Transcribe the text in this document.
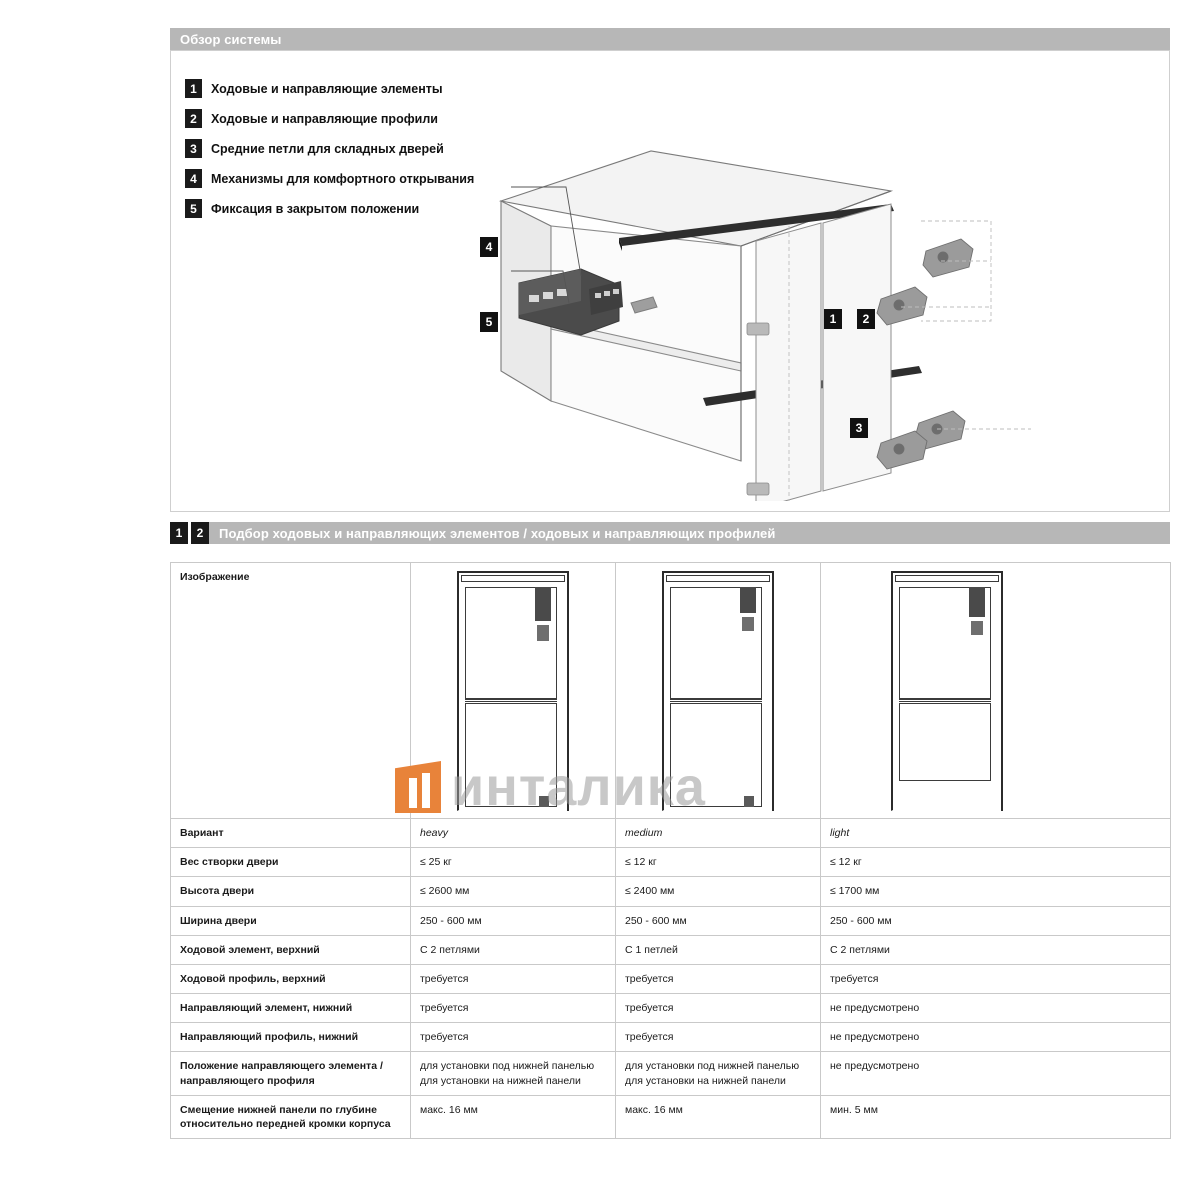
Обзор системы
1	Ходовые и направляющие элементы
2	Ходовые и направляющие профили
3	Средние петли для складных дверей
4	Механизмы для комфортного открывания
5	Фиксация в закрытом положении
4
5	1	2
3
1	2	Подбор ходовых и направляющих элементов / ходовых и направляющих профилей
Изображение	

Вариант	heavy	medium	light
Вес створки двери	≤ 25 кг	≤ 12 кг	≤ 12 кг
Высота двери	≤ 2600 мм	≤ 2400 мм	≤ 1700 мм
Ширина двери	250 - 600 мм	250 - 600 мм	250 - 600 мм
Ходовой элемент, верхний	С 2 петлями	С 1 петлей	С 2 петлями
Ходовой профиль, верхний	требуется	требуется	требуется
Направляющий элемент, нижний	требуется	требуется	не предусмотрено
Направляющий профиль, нижний	требуется	требуется	не предусмотрено
Положение направляющего элемента / направляющего профиля	для установки под нижней панелью для установки на нижней панели	для установки под нижней панелью для установки на нижней панели	не предусмотрено
Смещение нижней панели по глубине относительно передней кромки корпуса	макс. 16 мм	макс. 16 мм	мин. 5 мм
инталика
